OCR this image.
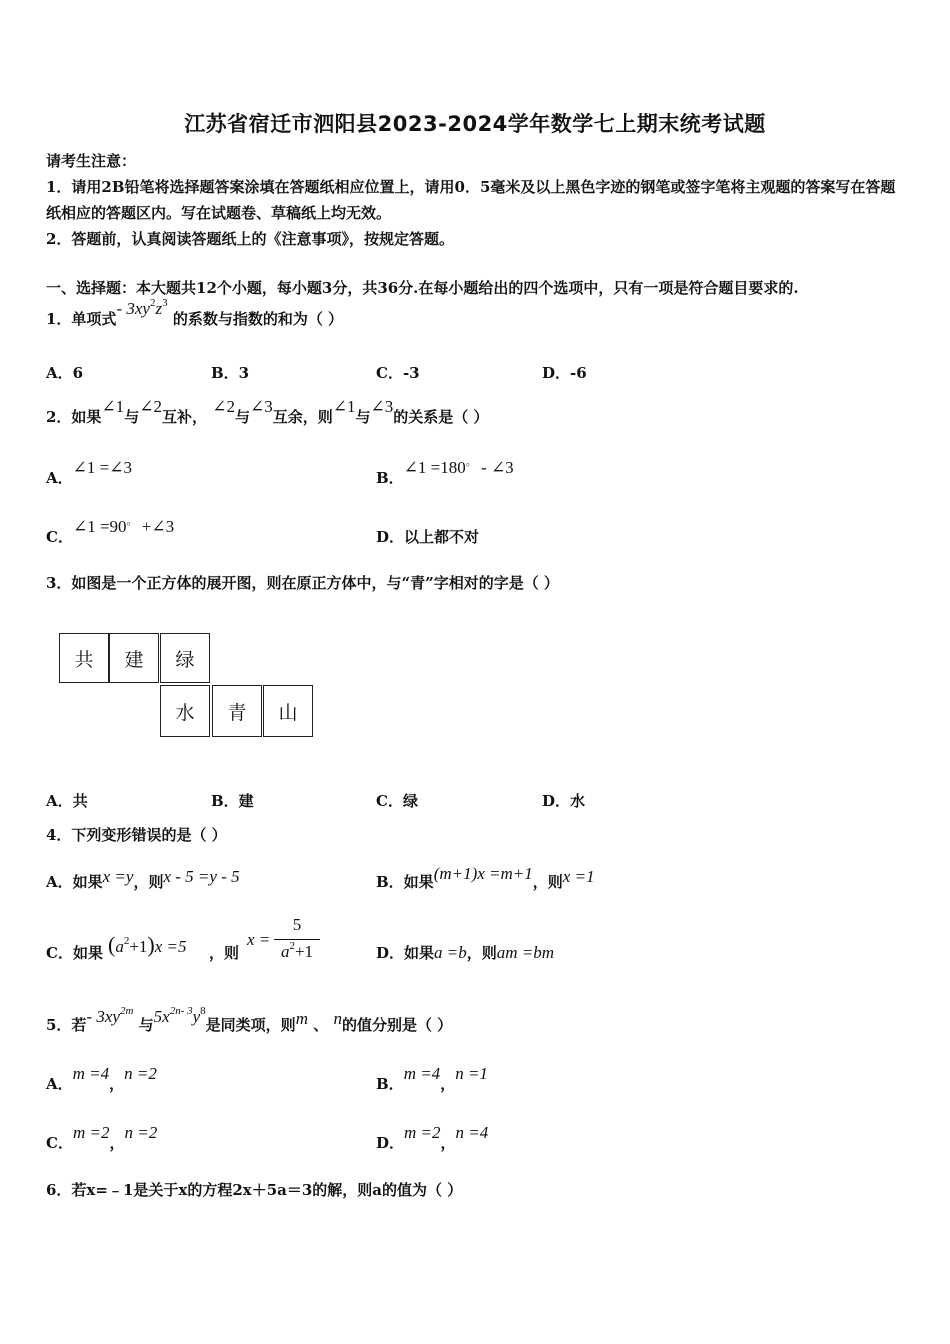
江苏省宿迁市泗阳县2023-2024学年数学七上期末统考试题
请考生注意：
1．请用2B铅笔将选择题答案涂填在答题纸相应位置上，请用0．5毫米及以上黑色字迹的钢笔或签字笔将主观题的答案写在答题纸相应的答题区内。写在试题卷、草稿纸上均无效。
2．答题前，认真阅读答题纸上的《注意事项》，按规定答题。
一、选择题：本大题共12个小题，每小题3分，共36分.在每小题给出的四个选项中，只有一项是符合题目要求的.
1．单项式- $3xy^2z^3$ 的系数与指数的和为（ ）
A．6	B．3	C．-3	D．-6
2．如果∠1与∠2互补， ∠2与∠3互余，则∠1与∠3的关系是（ ）
A．∠1 =∠3
B．∠1 =180。 - ∠3
C．∠1 =90。 +∠3
D．以上都不对
3．如图是一个正方体的展开图，则在原正方体中，与“青”字相对的字是（ ）
共	建	绿
水	青	山
A．共	B．建	C．绿	D．水
4．下列变形错误的是（ ）
A．如果x =y，则x - 5 =y - 5	B．如果(m+1)x =m+1，则x =1
C．如果 $(a^2+1)x =5$ ，则
x =
5
$a^2+1$	D．如果a =b，则am =bm
5．若- $3xy^{2m}$ 与$5x^{2n- 3}y^8$是同类项，则m 、 n的值分别是（ ）
A．m =4，n =2
B．m =4，n =1
C．m =2，n =2
D．m =2，n =4
6．若x=﹣1是关于x的方程2x＋5a＝3的解，则a的值为（ ）
